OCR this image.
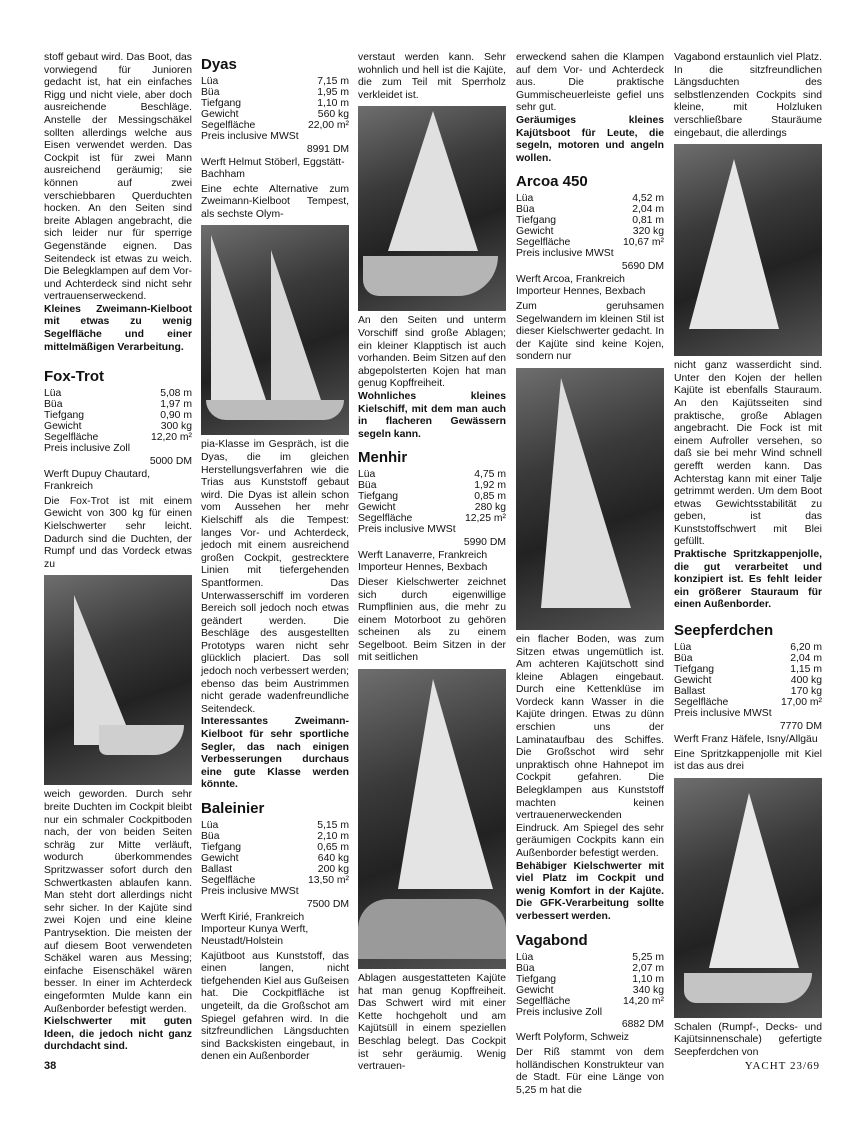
stoff gebaut wird. Das Boot, das vorwiegend für Junioren gedacht ist, hat ein einfaches Rigg und nicht viele, aber doch ausreichende Beschläge. Anstelle der Messingschäkel sollten allerdings welche aus Eisen verwendet werden. Das Cockpit ist für zwei Mann ausreichend geräumig; sie können auf zwei verschiebbaren Querduchten hocken. An den Seiten sind breite Ablagen angebracht, die sich leider nur für sperrige Gegenstände eignen. Das Seitendeck ist etwas zu weich. Die Belegklampen auf dem Vor- und Achterdeck sind nicht sehr vertrauenserweckend.

Kleines Zweimann-Kielboot mit etwas zu wenig Segelfläche und einer mittelmäßigen Verarbeitung.

Fox-Trot
Lüa	5,08 m
Büa	1,97 m
Tiefgang	0,90 m
Gewicht	300 kg
Segelfläche	12,20 m²
Preis inclusive Zoll
5000 DM
Werft Dupuy Chautard, Frankreich

Die Fox-Trot ist mit einem Gewicht von 300 kg für einen Kielschwerter sehr leicht. Dadurch sind die Duchten, der Rumpf und das Vordeck etwas zu

weich geworden. Durch sehr breite Duchten im Cockpit bleibt nur ein schmaler Cockpitboden nach, der von beiden Seiten schräg zur Mitte verläuft, wodurch überkommendes Spritzwasser sofort durch den Schwertkasten ablaufen kann. Man steht dort allerdings nicht sehr sicher. In der Kajüte sind zwei Kojen und eine kleine Pantrysektion. Die meisten der auf diesem Boot verwendeten Schäkel waren aus Messing; einfache Eisenschäkel wären besser. In einer im Achterdeck eingeformten Mulde kann ein Außenborder befestigt werden.

Kielschwerter mit guten Ideen, die jedoch nicht ganz durchdacht sind.

Dyas
Lüa	7,15 m
Büa	1,95 m
Tiefgang	1,10 m
Gewicht	560 kg
Segelfläche	22,00 m²
Preis inclusive MWSt
8991 DM
Werft Helmut Stöberl, Eggstätt-Bachham

Eine echte Alternative zum Zweimann-Kielboot Tempest, als sechste Olym-

pia-Klasse im Gespräch, ist die Dyas, die im gleichen Herstellungsverfahren wie die Trias aus Kunststoff gebaut wird. Die Dyas ist allein schon vom Aussehen her mehr Kielschiff als die Tempest: langes Vor- und Achterdeck, jedoch mit einem ausreichend großen Cockpit, gestrecktere Linien mit tiefergehenden Spantformen. Das Unterwasserschiff im vorderen Bereich soll jedoch noch etwas geändert werden. Die Beschläge des ausgestellten Prototyps waren nicht sehr glücklich placiert. Das soll jedoch noch verbessert werden; ebenso das beim Austrimmen nicht gerade wadenfreundliche Seitendeck.

Interessantes Zweimann-Kielboot für sehr sportliche Segler, das nach einigen Verbesserungen durchaus eine gute Klasse werden könnte.

Baleinier
Lüa	5,15 m
Büa	2,10 m
Tiefgang	0,65 m
Gewicht	640 kg
Ballast	200 kg
Segelfläche	13,50 m²
Preis inclusive MWSt
7500 DM
Werft Kirié, Frankreich Importeur Kunya Werft, Neustadt/Holstein

Kajütboot aus Kunststoff, das einen langen, nicht tiefgehenden Kiel aus Gußeisen hat. Die Cockpitfläche ist ungeteilt, da die Großschot am Spiegel gefahren wird. In die sitzfreundlichen Längsduchten sind Backskisten eingebaut, in denen ein Außenborder

verstaut werden kann. Sehr wohnlich und hell ist die Kajüte, die zum Teil mit Sperrholz verkleidet ist.

An den Seiten und unterm Vorschiff sind große Ablagen; ein kleiner Klapptisch ist auch vorhanden. Beim Sitzen auf den abgepolsterten Kojen hat man genug Kopffreiheit.

Wohnliches kleines Kielschiff, mit dem man auch in flacheren Gewässern segeln kann.

Menhir
Lüa	4,75 m
Büa	1,92 m
Tiefgang	0,85 m
Gewicht	280 kg
Segelfläche	12,25 m²
Preis inclusive MWSt
5990 DM
Werft Lanaverre, Frankreich Importeur Hennes, Bexbach

Dieser Kielschwerter zeichnet sich durch eigenwillige Rumpflinien aus, die mehr zu einem Motorboot zu gehören scheinen als zu einem Segelboot. Beim Sitzen in der mit seitlichen

Ablagen ausgestatteten Kajüte hat man genug Kopffreiheit. Das Schwert wird mit einer Kette hochgeholt und am Kajütsüll in einem speziellen Beschlag belegt. Das Cockpit ist sehr geräumig. Wenig vertrauen-

erweckend sahen die Klampen auf dem Vor- und Achterdeck aus. Die praktische Gummischeuerleiste gefiel uns sehr gut.

Geräumiges kleines Kajütsboot für Leute, die segeln, motoren und angeln wollen.

Arcoa 450
Lüa	4,52 m
Büa	2,04 m
Tiefgang	0,81 m
Gewicht	320 kg
Segelfläche	10,67 m²
Preis inclusive MWSt
5690 DM
Werft Arcoa, Frankreich Importeur Hennes, Bexbach

Zum geruhsamen Segelwandern im kleinen Stil ist dieser Kielschwerter gedacht. In der Kajüte sind keine Kojen, sondern nur

ein flacher Boden, was zum Sitzen etwas ungemütlich ist. Am achteren Kajütschott sind kleine Ablagen eingebaut. Durch eine Kettenklüse im Vordeck kann Wasser in die Kajüte dringen. Etwas zu dünn erschien uns der Laminataufbau des Schiffes. Die Großschot wird sehr unpraktisch ohne Hahnepot im Cockpit gefahren. Die Belegklampen aus Kunststoff machten keinen vertrauenerweckenden Eindruck. Am Spiegel des sehr geräumigen Cockpits kann ein Außenborder befestigt werden.

Behäbiger Kielschwerter mit viel Platz im Cockpit und wenig Komfort in der Kajüte. Die GFK-Verarbeitung sollte verbessert werden.

Vagabond
Lüa	5,25 m
Büa	2,07 m
Tiefgang	1,10 m
Gewicht	340 kg
Segelfläche	14,20 m²
Preis inclusive Zoll
6882 DM
Werft Polyform, Schweiz

Der Riß stammt von dem holländischen Konstrukteur van de Stadt. Für eine Länge von 5,25 m hat die

Vagabond erstaunlich viel Platz. In die sitzfreundlichen Längsduchten des selbstlenzenden Cockpits sind kleine, mit Holzluken verschließbare Stauräume eingebaut, die allerdings

nicht ganz wasserdicht sind. Unter den Kojen der hellen Kajüte ist ebenfalls Stauraum. An den Kajütsseiten sind praktische, große Ablagen angebracht. Die Fock ist mit einem Aufroller versehen, so daß sie bei mehr Wind schnell gerefft werden kann. Das Achterstag kann mit einer Talje getrimmt werden. Um dem Boot etwas Gewichtsstabilität zu geben, ist das Kunststoffschwert mit Blei gefüllt.

Praktische Spritzkappenjolle, die gut verarbeitet und konzipiert ist. Es fehlt leider ein größerer Stauraum für einen Außenborder.

Seepferdchen
Lüa	6,20 m
Büa	2,04 m
Tiefgang	1,15 m
Gewicht	400 kg
Ballast	170 kg
Segelfläche	17,00 m²
Preis inclusive MWSt
7770 DM
Werft Franz Häfele, Isny/Allgäu

Eine Spritzkappenjolle mit Kiel ist das aus drei

Schalen (Rumpf-, Decks- und Kajütsinnenschale) gefertigte Seepferdchen von

38	YACHT 23/69
